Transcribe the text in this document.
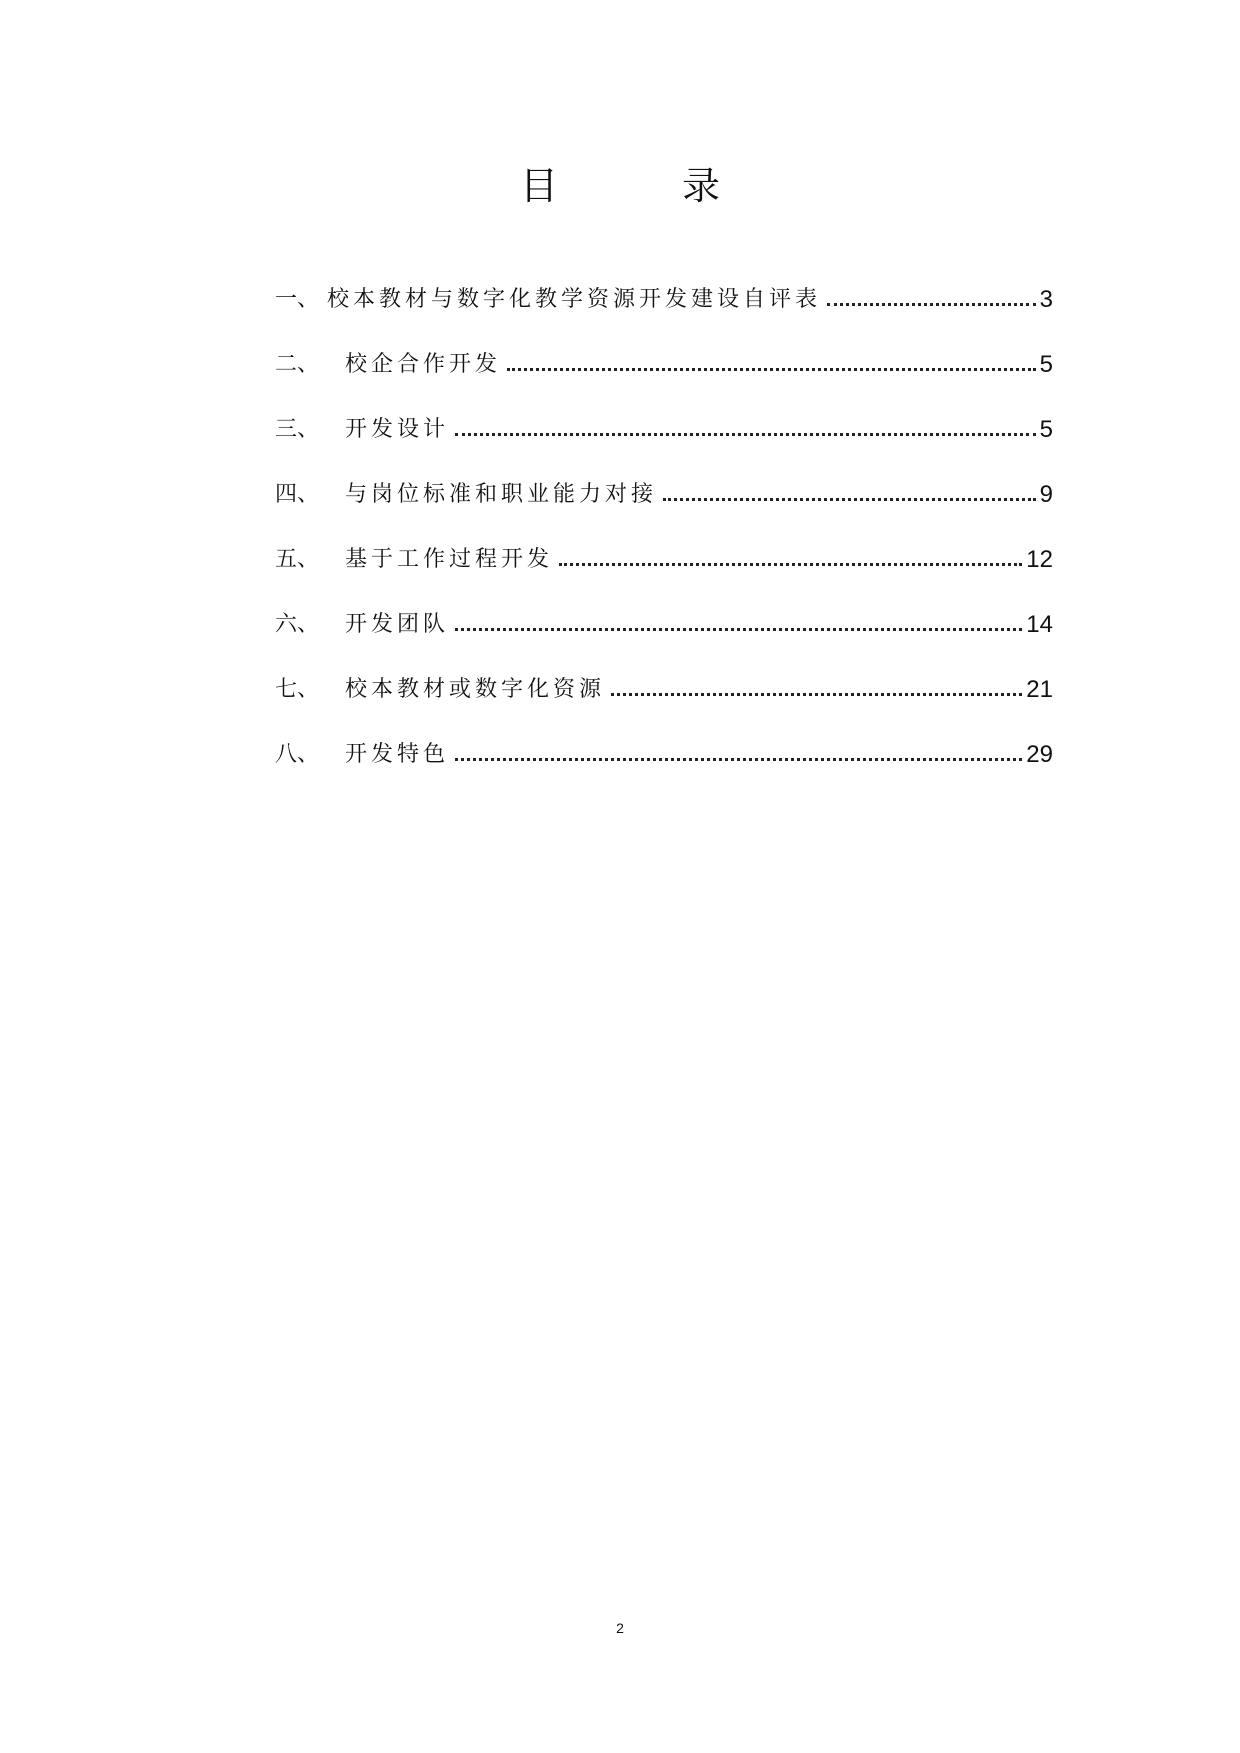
目 录
一、 校本教材与数字化教学资源开发建设自评表	3
二、	校企合作开发	5
三、	开发设计	5
四、	与岗位标准和职业能力对接	9
五、	基于工作过程开发	12
六、	开发团队	14
七、	校本教材或数字化资源	21
八、	开发特色	29
2
